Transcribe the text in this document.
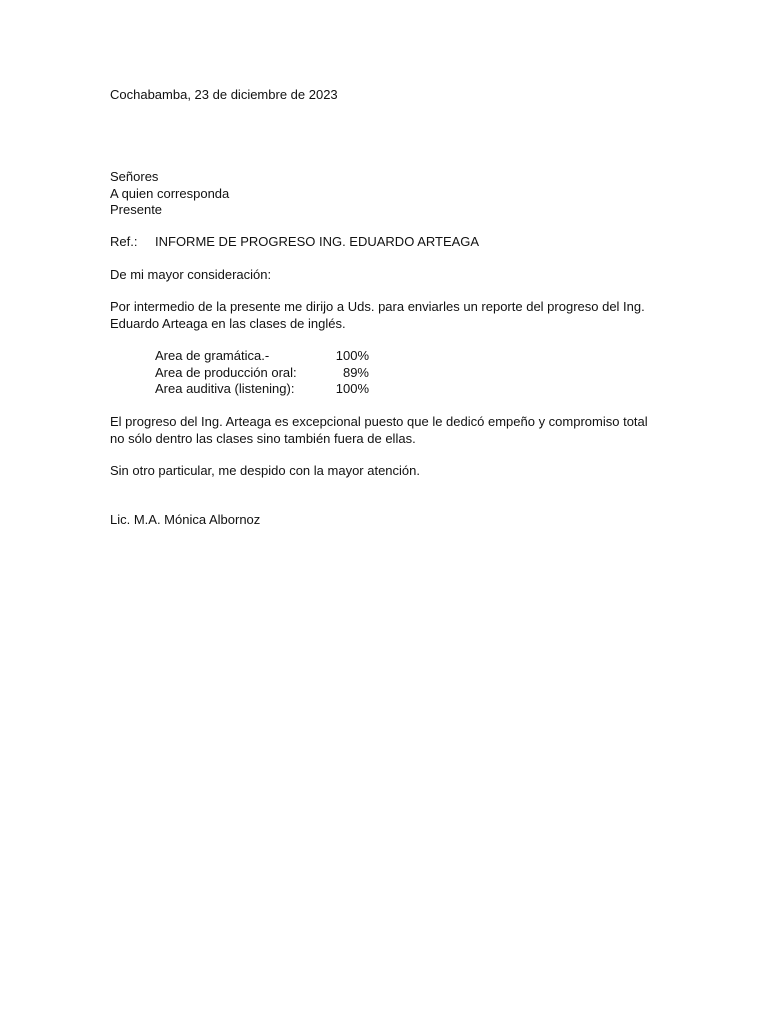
Cochabamba, 23 de diciembre de 2023
Señores
A quien corresponda
Presente
Ref.: INFORME DE PROGRESO ING. EDUARDO ARTEAGA
De mi mayor consideración:
Por intermedio de la presente me dirijo a Uds. para enviarles un reporte del progreso del Ing.
Eduardo Arteaga en las clases de inglés.
Area de gramática.-	100%
Area de producción oral:	89%
Area auditiva (listening):	100%
El progreso del Ing. Arteaga es excepcional puesto que le dedicó empeño y compromiso total
no sólo dentro las clases sino también fuera de ellas.
Sin otro particular, me despido con la mayor atención.
Lic. M.A. Mónica Albornoz
